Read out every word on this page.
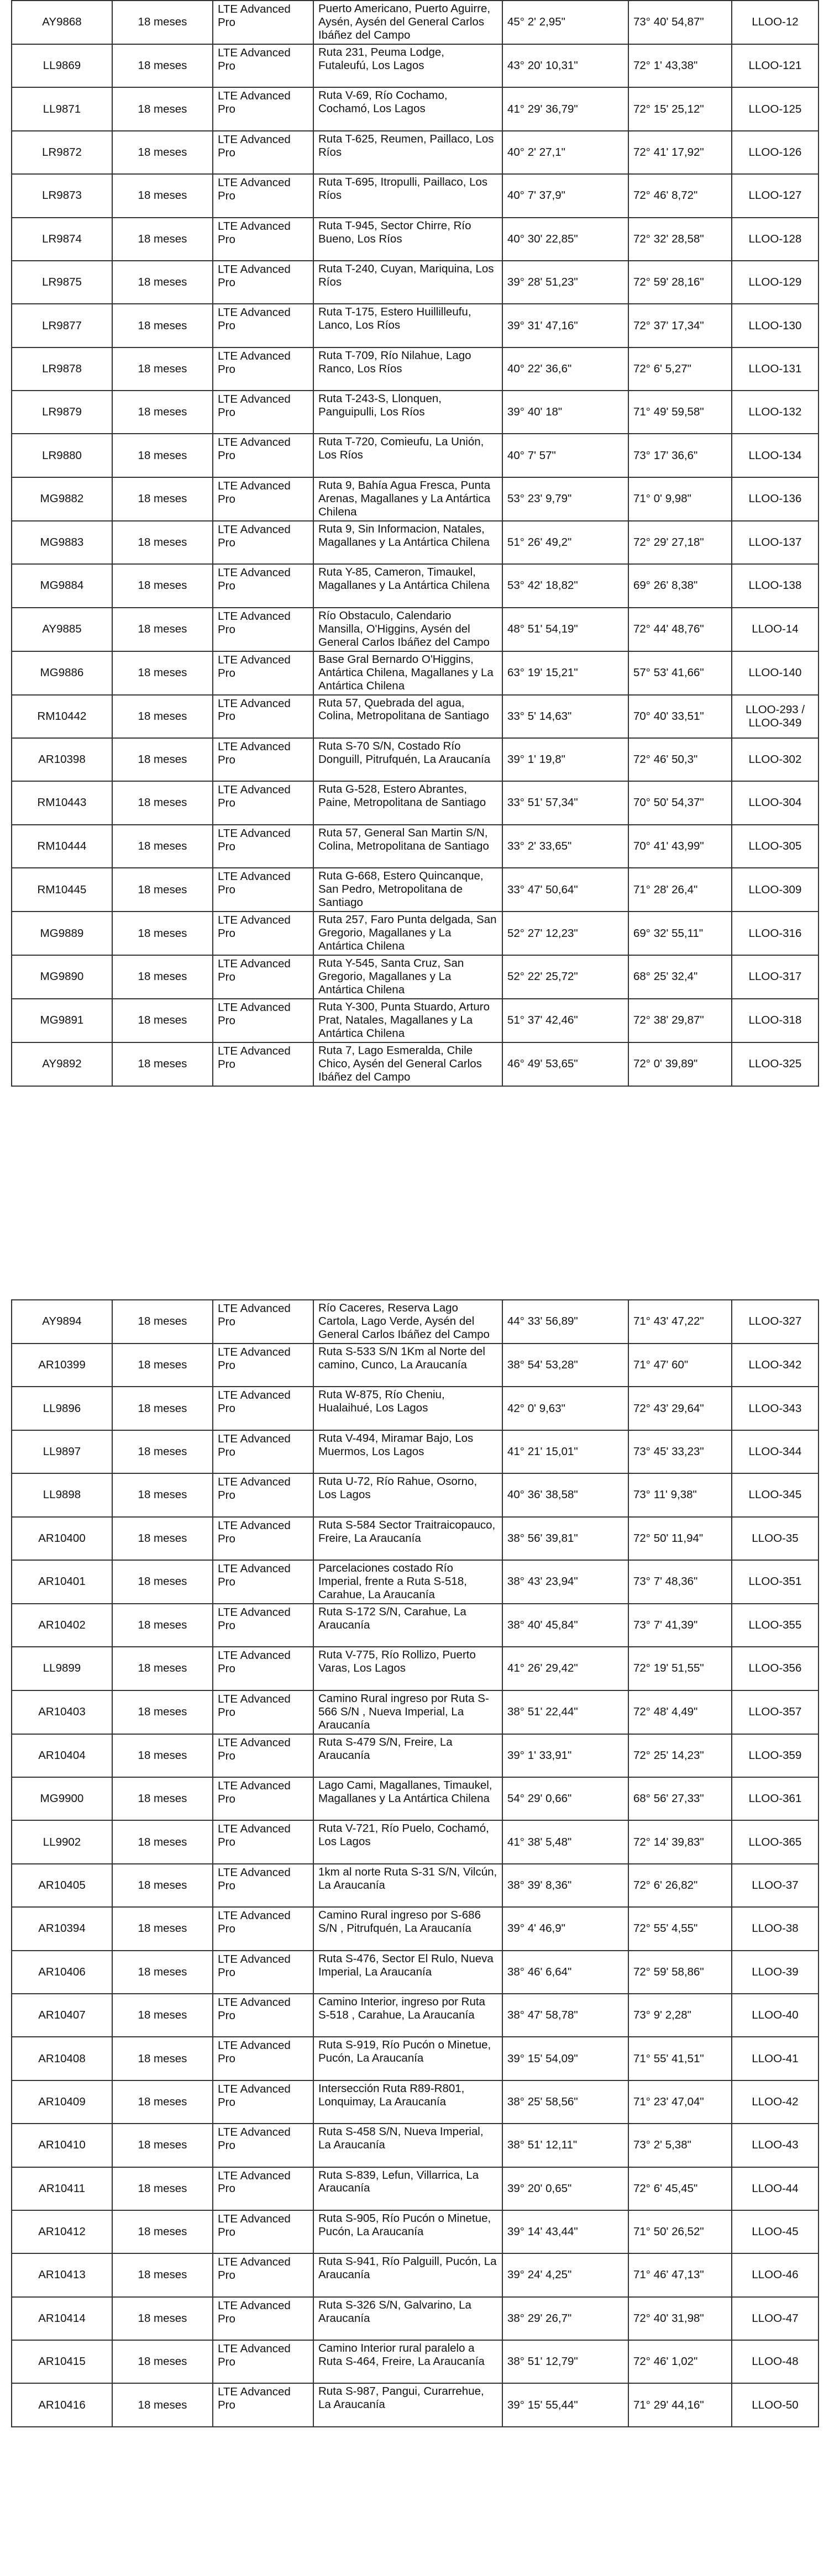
AY9868	18 meses	LTE Advanced Pro	Puerto Americano, Puerto Aguirre, Aysén, Aysén del General Carlos Ibáñez del Campo	45° 2' 2,95"	73° 40' 54,87"	LLOO-12
LL9869	18 meses	LTE Advanced Pro	Ruta 231, Peuma Lodge, Futaleufú, Los Lagos	43° 20' 10,31"	72° 1' 43,38"	LLOO-121
LL9871	18 meses	LTE Advanced Pro	Ruta V-69, Río Cochamo, Cochamó, Los Lagos	41° 29' 36,79"	72° 15' 25,12"	LLOO-125
LR9872	18 meses	LTE Advanced Pro	Ruta T-625, Reumen, Paillaco, Los Ríos	40° 2' 27,1"	72° 41' 17,92"	LLOO-126
LR9873	18 meses	LTE Advanced Pro	Ruta T-695, Itropulli, Paillaco, Los Ríos	40° 7' 37,9"	72° 46' 8,72"	LLOO-127
LR9874	18 meses	LTE Advanced Pro	Ruta T-945, Sector Chirre, Río Bueno, Los Ríos	40° 30' 22,85"	72° 32' 28,58"	LLOO-128
LR9875	18 meses	LTE Advanced Pro	Ruta T-240, Cuyan, Mariquina, Los Ríos	39° 28' 51,23"	72° 59' 28,16"	LLOO-129
LR9877	18 meses	LTE Advanced Pro	Ruta T-175, Estero Huillilleufu, Lanco, Los Ríos	39° 31' 47,16"	72° 37' 17,34"	LLOO-130
LR9878	18 meses	LTE Advanced Pro	Ruta T-709, Río Nilahue, Lago Ranco, Los Ríos	40° 22' 36,6"	72° 6' 5,27"	LLOO-131
LR9879	18 meses	LTE Advanced Pro	Ruta T-243-S, Llonquen, Panguipulli, Los Ríos	39° 40' 18"	71° 49' 59,58"	LLOO-132
LR9880	18 meses	LTE Advanced Pro	Ruta T-720, Comieufu, La Unión, Los Ríos	40° 7' 57"	73° 17' 36,6"	LLOO-134
MG9882	18 meses	LTE Advanced Pro	Ruta 9, Bahía Agua Fresca, Punta Arenas, Magallanes y La Antártica Chilena	53° 23' 9,79"	71° 0' 9,98"	LLOO-136
MG9883	18 meses	LTE Advanced Pro	Ruta 9, Sin Informacion, Natales, Magallanes y La Antártica Chilena	51° 26' 49,2"	72° 29' 27,18"	LLOO-137
MG9884	18 meses	LTE Advanced Pro	Ruta Y-85, Cameron, Timaukel, Magallanes y La Antártica Chilena	53° 42' 18,82"	69° 26' 8,38"	LLOO-138
AY9885	18 meses	LTE Advanced Pro	Río Obstaculo, Calendario Mansilla, O'Higgins, Aysén del General Carlos Ibáñez del Campo	48° 51' 54,19"	72° 44' 48,76"	LLOO-14
MG9886	18 meses	LTE Advanced Pro	Base Gral Bernardo O'Higgins, Antártica Chilena, Magallanes y La Antártica Chilena	63° 19' 15,21"	57° 53' 41,66"	LLOO-140
RM10442	18 meses	LTE Advanced Pro	Ruta 57, Quebrada del agua, Colina, Metropolitana de Santiago	33° 5' 14,63"	70° 40' 33,51"	LLOO-293 / LLOO-349
AR10398	18 meses	LTE Advanced Pro	Ruta S-70 S/N, Costado Río Donguill, Pitrufquén, La Araucanía	39° 1' 19,8"	72° 46' 50,3"	LLOO-302
RM10443	18 meses	LTE Advanced Pro	Ruta G-528, Estero Abrantes, Paine, Metropolitana de Santiago	33° 51' 57,34"	70° 50' 54,37"	LLOO-304
RM10444	18 meses	LTE Advanced Pro	Ruta 57, General San Martin S/N, Colina, Metropolitana de Santiago	33° 2' 33,65"	70° 41' 43,99"	LLOO-305
RM10445	18 meses	LTE Advanced Pro	Ruta G-668, Estero Quincanque, San Pedro, Metropolitana de Santiago	33° 47' 50,64"	71° 28' 26,4"	LLOO-309
MG9889	18 meses	LTE Advanced Pro	Ruta 257, Faro Punta delgada, San Gregorio, Magallanes y La Antártica Chilena	52° 27' 12,23"	69° 32' 55,11"	LLOO-316
MG9890	18 meses	LTE Advanced Pro	Ruta Y-545, Santa Cruz, San Gregorio, Magallanes y La Antártica Chilena	52° 22' 25,72"	68° 25' 32,4"	LLOO-317
MG9891	18 meses	LTE Advanced Pro	Ruta Y-300, Punta Stuardo, Arturo Prat, Natales, Magallanes y La Antártica Chilena	51° 37' 42,46"	72° 38' 29,87"	LLOO-318
AY9892	18 meses	LTE Advanced Pro	Ruta 7, Lago Esmeralda, Chile Chico, Aysén del General Carlos Ibáñez del Campo	46° 49' 53,65"	72° 0' 39,89"	LLOO-325
AY9894	18 meses	LTE Advanced Pro	Río Caceres, Reserva Lago Cartola, Lago Verde, Aysén del General Carlos Ibáñez del Campo	44° 33' 56,89"	71° 43' 47,22"	LLOO-327
AR10399	18 meses	LTE Advanced Pro	Ruta S-533 S/N 1Km al Norte del camino, Cunco, La Araucanía	38° 54' 53,28"	71° 47' 60"	LLOO-342
LL9896	18 meses	LTE Advanced Pro	Ruta W-875, Río Cheniu, Hualaihué, Los Lagos	42° 0' 9,63"	72° 43' 29,64"	LLOO-343
LL9897	18 meses	LTE Advanced Pro	Ruta V-494, Miramar Bajo, Los Muermos, Los Lagos	41° 21' 15,01"	73° 45' 33,23"	LLOO-344
LL9898	18 meses	LTE Advanced Pro	Ruta U-72, Río Rahue, Osorno, Los Lagos	40° 36' 38,58"	73° 11' 9,38"	LLOO-345
AR10400	18 meses	LTE Advanced Pro	Ruta S-584 Sector Traitraicopauco, Freire, La Araucanía	38° 56' 39,81"	72° 50' 11,94"	LLOO-35
AR10401	18 meses	LTE Advanced Pro	Parcelaciones costado Río Imperial, frente a Ruta S-518, Carahue, La Araucanía	38° 43' 23,94"	73° 7' 48,36"	LLOO-351
AR10402	18 meses	LTE Advanced Pro	Ruta S-172 S/N, Carahue, La Araucanía	38° 40' 45,84"	73° 7' 41,39"	LLOO-355
LL9899	18 meses	LTE Advanced Pro	Ruta V-775, Río Rollizo, Puerto Varas, Los Lagos	41° 26' 29,42"	72° 19' 51,55"	LLOO-356
AR10403	18 meses	LTE Advanced Pro	Camino Rural ingreso por Ruta S-566 S/N , Nueva Imperial, La Araucanía	38° 51' 22,44"	72° 48' 4,49"	LLOO-357
AR10404	18 meses	LTE Advanced Pro	Ruta S-479 S/N, Freire, La Araucanía	39° 1' 33,91"	72° 25' 14,23"	LLOO-359
MG9900	18 meses	LTE Advanced Pro	Lago Cami, Magallanes, Timaukel, Magallanes y La Antártica Chilena	54° 29' 0,66"	68° 56' 27,33"	LLOO-361
LL9902	18 meses	LTE Advanced Pro	Ruta V-721, Río Puelo, Cochamó, Los Lagos	41° 38' 5,48"	72° 14' 39,83"	LLOO-365
AR10405	18 meses	LTE Advanced Pro	1km al norte Ruta S-31 S/N, Vilcún, La Araucanía	38° 39' 8,36"	72° 6' 26,82"	LLOO-37
AR10394	18 meses	LTE Advanced Pro	Camino Rural ingreso por S-686 S/N , Pitrufquén, La Araucanía	39° 4' 46,9"	72° 55' 4,55"	LLOO-38
AR10406	18 meses	LTE Advanced Pro	Ruta S-476, Sector El Rulo, Nueva Imperial, La Araucanía	38° 46' 6,64"	72° 59' 58,86"	LLOO-39
AR10407	18 meses	LTE Advanced Pro	Camino Interior, ingreso por Ruta S-518 , Carahue, La Araucanía	38° 47' 58,78"	73° 9' 2,28"	LLOO-40
AR10408	18 meses	LTE Advanced Pro	Ruta S-919, Río Pucón o Minetue, Pucón, La Araucanía	39° 15' 54,09"	71° 55' 41,51"	LLOO-41
AR10409	18 meses	LTE Advanced Pro	Intersección Ruta R89-R801, Lonquimay, La Araucanía	38° 25' 58,56"	71° 23' 47,04"	LLOO-42
AR10410	18 meses	LTE Advanced Pro	Ruta S-458 S/N, Nueva Imperial, La Araucanía	38° 51' 12,11"	73° 2' 5,38"	LLOO-43
AR10411	18 meses	LTE Advanced Pro	Ruta S-839, Lefun, Villarrica, La Araucanía	39° 20' 0,65"	72° 6' 45,45"	LLOO-44
AR10412	18 meses	LTE Advanced Pro	Ruta S-905, Río Pucón o Minetue, Pucón, La Araucanía	39° 14' 43,44"	71° 50' 26,52"	LLOO-45
AR10413	18 meses	LTE Advanced Pro	Ruta S-941, Río Palguill, Pucón, La Araucanía	39° 24' 4,25"	71° 46' 47,13"	LLOO-46
AR10414	18 meses	LTE Advanced Pro	Ruta S-326 S/N, Galvarino, La Araucanía	38° 29' 26,7"	72° 40' 31,98"	LLOO-47
AR10415	18 meses	LTE Advanced Pro	Camino Interior rural paralelo a Ruta S-464, Freire, La Araucanía	38° 51' 12,79"	72° 46' 1,02"	LLOO-48
AR10416	18 meses	LTE Advanced Pro	Ruta S-987, Pangui, Curarrehue, La Araucanía	39° 15' 55,44"	71° 29' 44,16"	LLOO-50
